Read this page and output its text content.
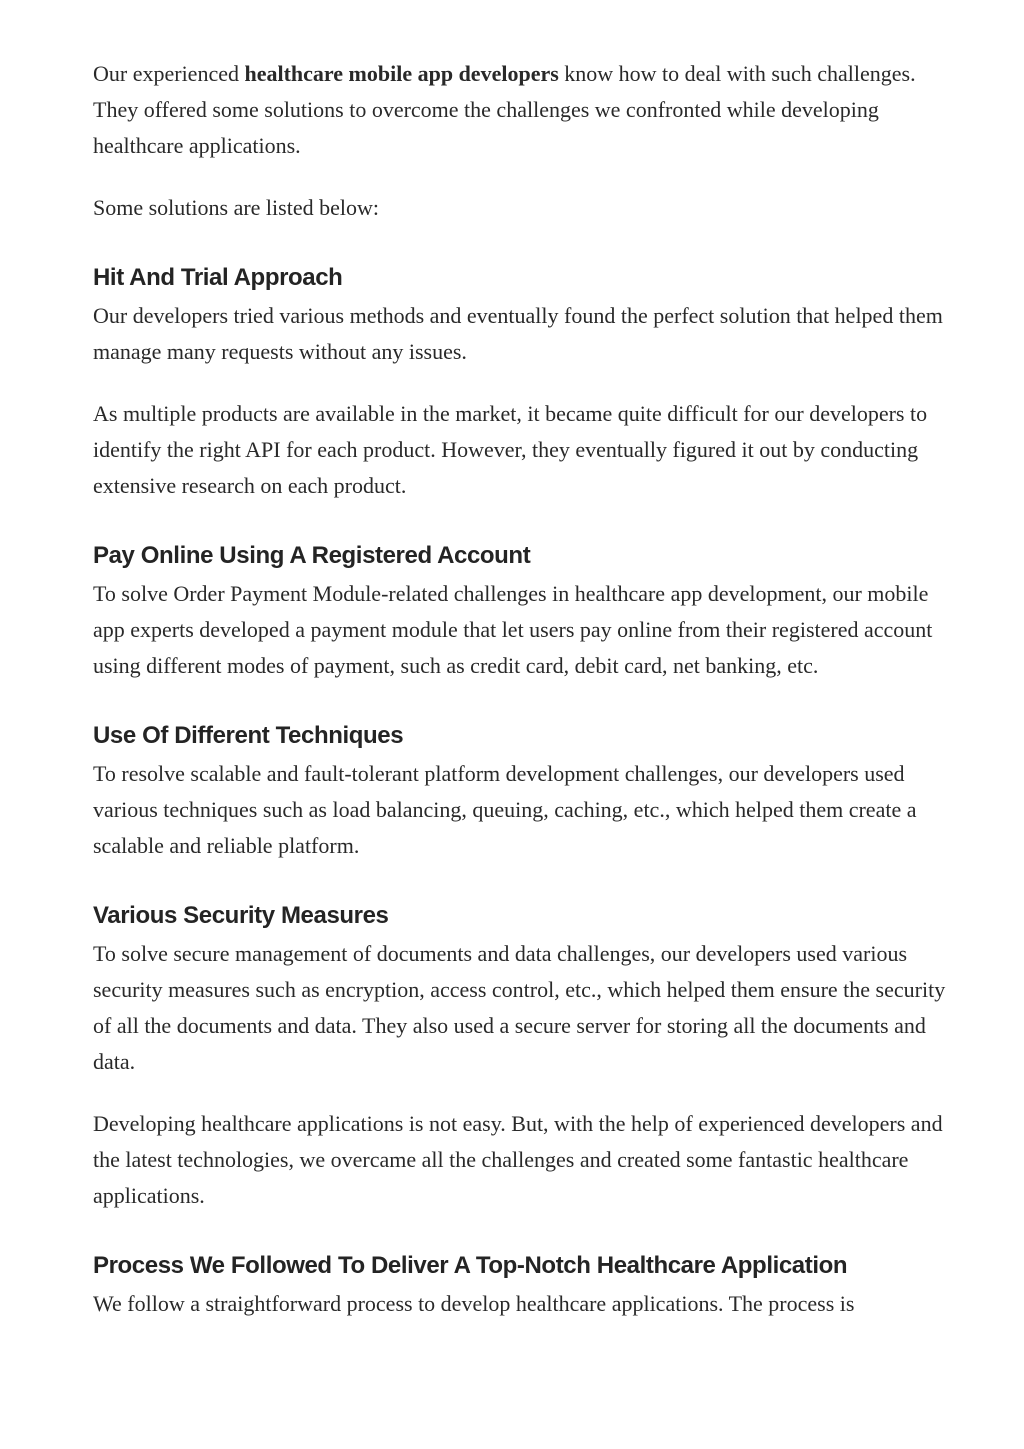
Our experienced healthcare mobile app developers know how to deal with such challenges. They offered some solutions to overcome the challenges we confronted while developing healthcare applications.

Some solutions are listed below:

Hit And Trial Approach

Our developers tried various methods and eventually found the perfect solution that helped them manage many requests without any issues.

As multiple products are available in the market, it became quite difficult for our developers to identify the right API for each product. However, they eventually figured it out by conducting extensive research on each product.

Pay Online Using A Registered Account

To solve Order Payment Module-related challenges in healthcare app development, our mobile app experts developed a payment module that let users pay online from their registered account using different modes of payment, such as credit card, debit card, net banking, etc.

Use Of Different Techniques

To resolve scalable and fault-tolerant platform development challenges, our developers used various techniques such as load balancing, queuing, caching, etc., which helped them create a scalable and reliable platform.

Various Security Measures

To solve secure management of documents and data challenges, our developers used various security measures such as encryption, access control, etc., which helped them ensure the security of all the documents and data. They also used a secure server for storing all the documents and data.

Developing healthcare applications is not easy. But, with the help of experienced developers and the latest technologies, we overcame all the challenges and created some fantastic healthcare applications.

Process We Followed To Deliver A Top-Notch Healthcare Application

We follow a straightforward process to develop healthcare applications. The process is
